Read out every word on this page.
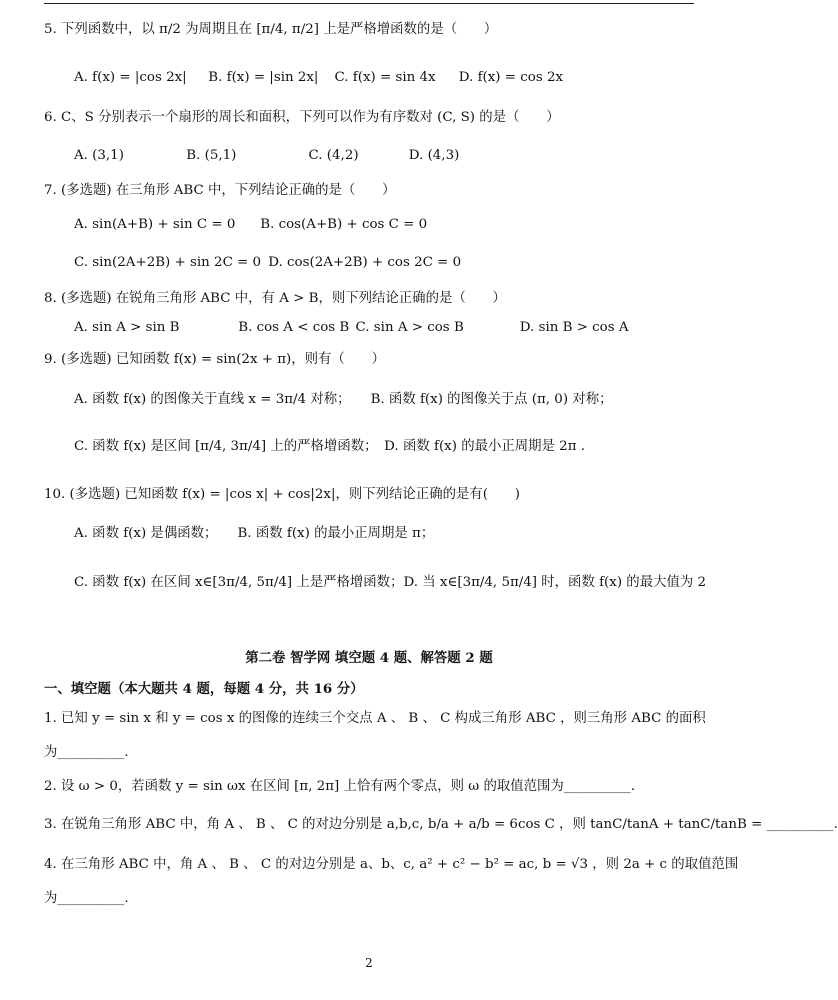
5. 下列函数中，以 π/2 为周期且在 [π/4, π/2] 上是严格增函数的是（　　）
A. f(x) = |cos 2x| B. f(x) = |sin 2x| C. f(x) = sin 4x D. f(x) = cos 2x
6. C、S 分别表示一个扇形的周长和面积，下列可以作为有序数对 (C, S) 的是（　　）
A. (3,1)	B. (5,1)	C. (4,2)	D. (4,3)
7. (多选题) 在三角形 ABC 中，下列结论正确的是（　　）
A. sin(A+B) + sin C = 0 B. cos(A+B) + cos C = 0
C. sin(2A+2B) + sin 2C = 0 D. cos(2A+2B) + cos 2C = 0
8. (多选题) 在锐角三角形 ABC 中，有 A > B，则下列结论正确的是（　　）
A. sin A > sin B	B. cos A < cos B C. sin A > cos B	D. sin B > cos A
9. (多选题) 已知函数 f(x) = sin(2x + π)，则有（　　）
A. 函数 f(x) 的图像关于直线 x = 3π/4 对称；　　B. 函数 f(x) 的图像关于点 (π, 0) 对称；
C. 函数 f(x) 是区间 [π/4, 3π/4] 上的严格增函数；　D. 函数 f(x) 的最小正周期是 2π .
10. (多选题) 已知函数 f(x) = |cos x| + cos|2x|，则下列结论正确的是有(　　)
A. 函数 f(x) 是偶函数；　　B. 函数 f(x) 的最小正周期是 π；
C. 函数 f(x) 在区间 x∈[3π/4, 5π/4] 上是严格增函数；D. 当 x∈[3π/4, 5π/4] 时，函数 f(x) 的最大值为 2
第二卷 智学网 填空题 4 题、解答题 2 题
一、填空题（本大题共 4 题，每题 4 分，共 16 分）
1. 已知 y = sin x 和 y = cos x 的图像的连续三个交点 A 、 B 、 C 构成三角形 ABC ，则三角形 ABC 的面积
为__________.
2. 设 ω > 0，若函数 y = sin ωx 在区间 [π, 2π] 上恰有两个零点，则 ω 的取值范围为__________.
3. 在锐角三角形 ABC 中，角 A 、 B 、 C 的对边分别是 a,b,c, b/a + a/b = 6cos C ，则 tanC/tanA + tanC/tanB = __________.
4. 在三角形 ABC 中，角 A 、 B 、 C 的对边分别是 a、b、c, a² + c² − b² = ac, b = √3 ，则 2a + c 的取值范围
为__________.
2
